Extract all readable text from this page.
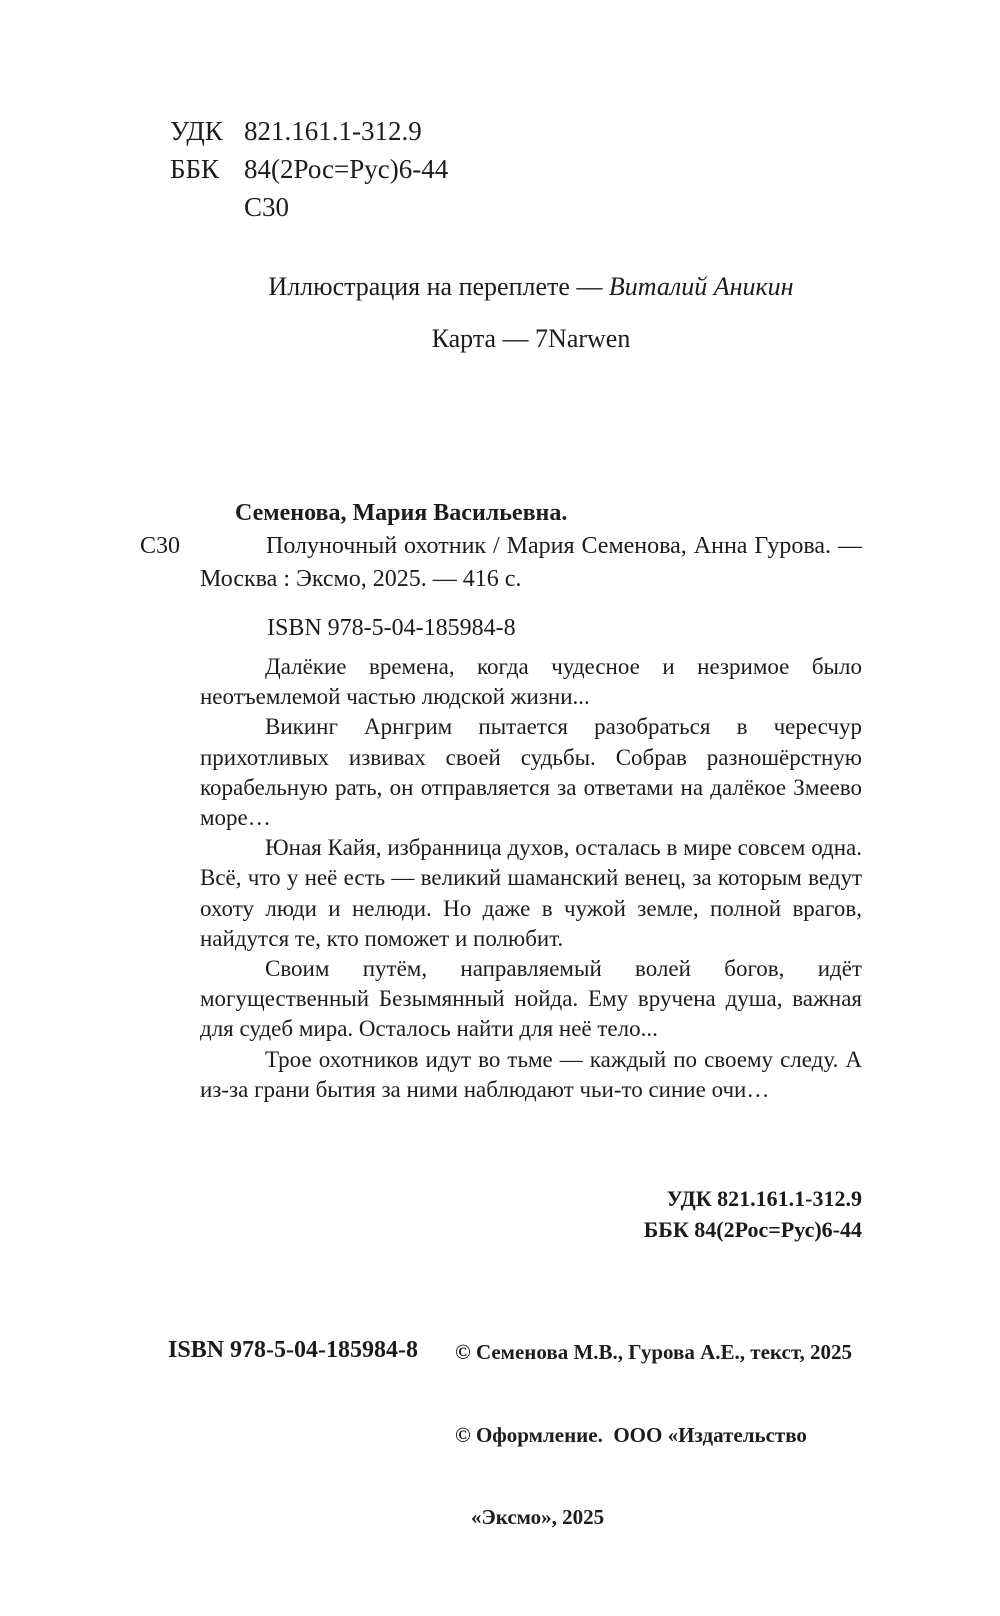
УДК 821.161.1-312.9
ББК 84(2Рос=Рус)6-44
С30
Иллюстрация на переплете — Виталий Аникин
Карта — 7Narwen
Семенова, Мария Васильевна.
С30	Полуночный охотник / Мария Семенова, Анна Гурова. — Москва : Эксмо, 2025. — 416 с.
ISBN 978-5-04-185984-8

Далёкие времена, когда чудесное и незримое было неотъемлемой частью людской жизни...

Викинг Арнгрим пытается разобраться в чересчур прихотливых извивах своей судьбы. Собрав разношёрстную корабельную рать, он отправляется за ответами на далёкое Змеево море…

Юная Кайя, избранница духов, осталась в мире совсем одна. Всё, что у неё есть — великий шаманский венец, за которым ведут охоту люди и нелюди. Но даже в чужой земле, полной врагов, найдутся те, кто поможет и полюбит.

Своим путём, направляемый волей богов, идёт могущественный Безымянный нойда. Ему вручена душа, важная для судеб мира. Осталось найти для неё тело...

Трое охотников идут во тьме — каждый по своему следу. А из-за грани бытия за ними наблюдают чьи-то синие очи…

УДК 821.161.1-312.9
ББК 84(2Рос=Рус)6-44

© Семенова М.В., Гурова А.Е., текст, 2025

© Оформление.  ООО «Издательство

«Эксмо», 2025

ISBN 978-5-04-185984-8
